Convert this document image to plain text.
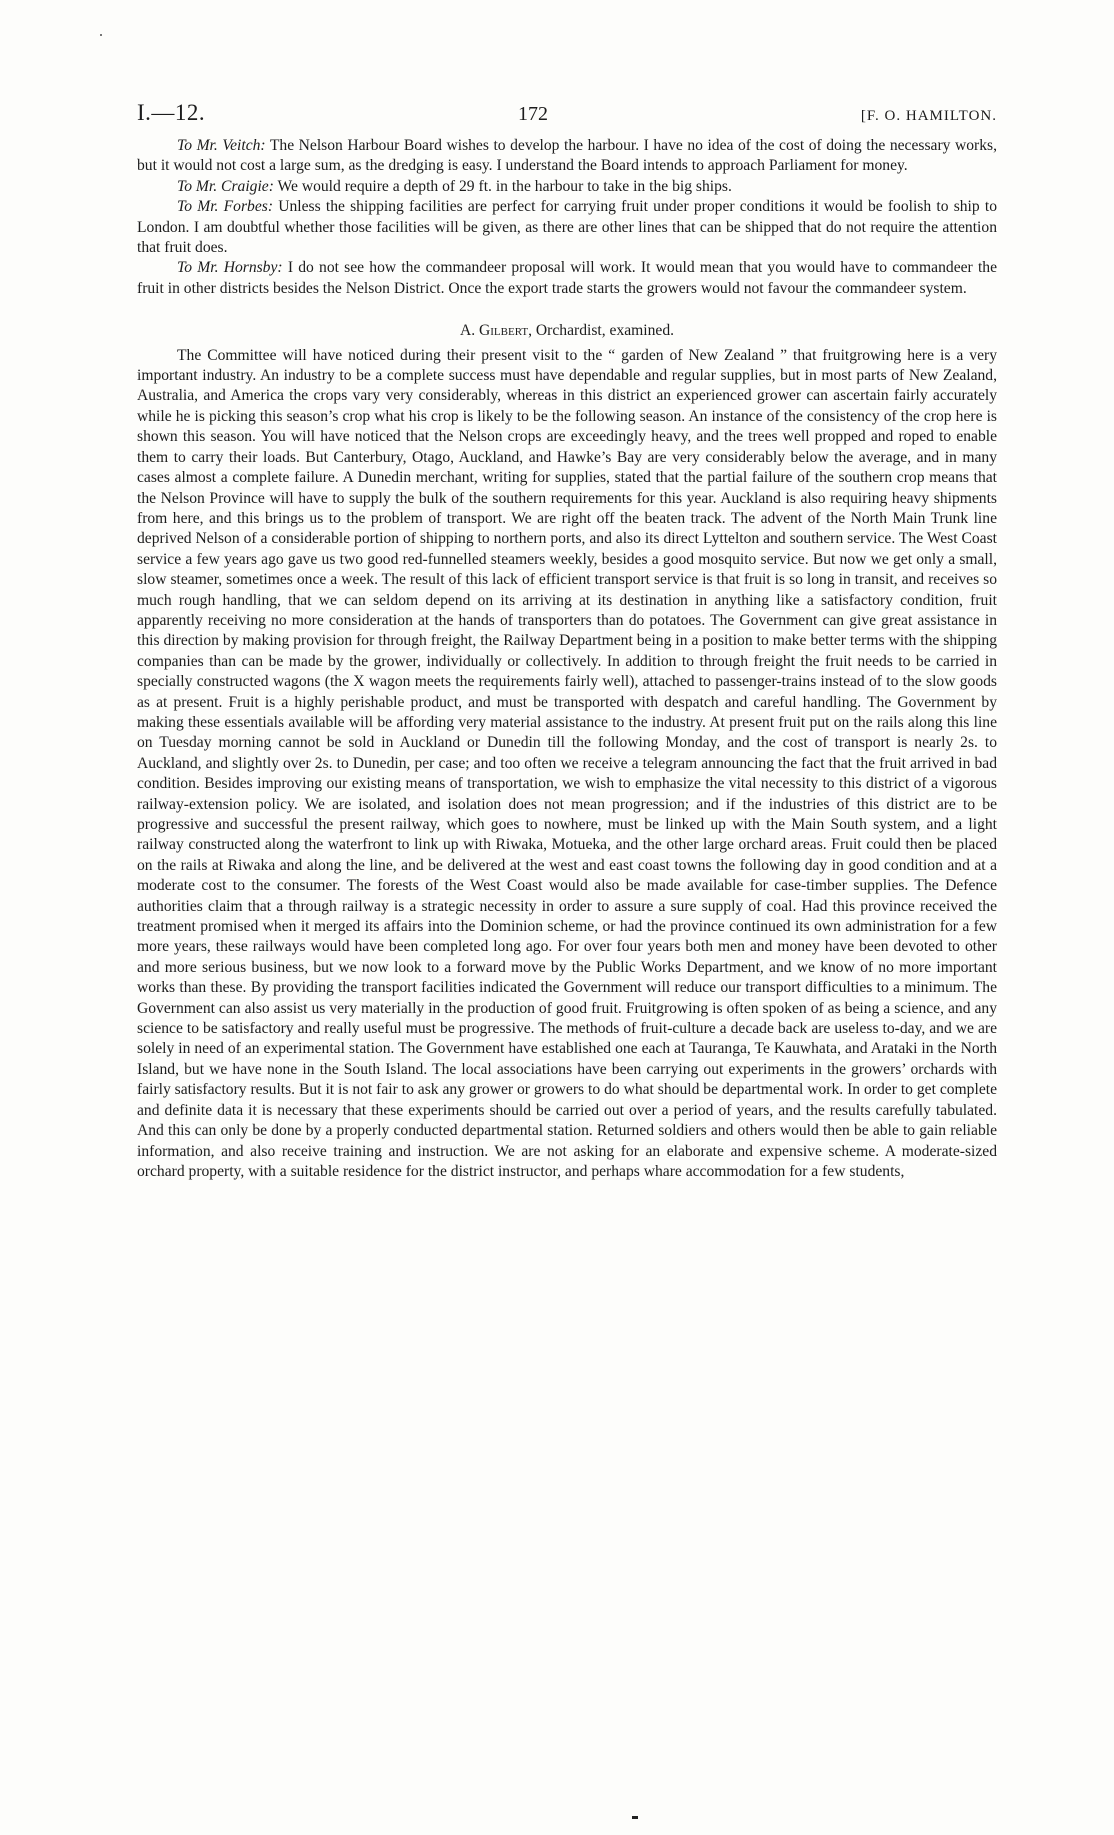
I.—12.	172	[F. O. HAMILTON.

To Mr. Veitch: The Nelson Harbour Board wishes to develop the harbour. I have no idea of the cost of doing the necessary works, but it would not cost a large sum, as the dredging is easy. I understand the Board intends to approach Parliament for money.

To Mr. Craigie: We would require a depth of 29 ft. in the harbour to take in the big ships.

To Mr. Forbes: Unless the shipping facilities are perfect for carrying fruit under proper conditions it would be foolish to ship to London. I am doubtful whether those facilities will be given, as there are other lines that can be shipped that do not require the attention that fruit does.

To Mr. Hornsby: I do not see how the commandeer proposal will work. It would mean that you would have to commandeer the fruit in other districts besides the Nelson District. Once the export trade starts the growers would not favour the commandeer system.

A. Gilbert, Orchardist, examined.

The Committee will have noticed during their present visit to the “ garden of New Zealand ” that fruitgrowing here is a very important industry. An industry to be a complete success must have dependable and regular supplies, but in most parts of New Zealand, Australia, and America the crops vary very considerably, whereas in this district an experienced grower can ascertain fairly accurately while he is picking this season’s crop what his crop is likely to be the following season. An instance of the consistency of the crop here is shown this season. You will have noticed that the Nelson crops are exceedingly heavy, and the trees well propped and roped to enable them to carry their loads. But Canterbury, Otago, Auckland, and Hawke’s Bay are very considerably below the average, and in many cases almost a complete failure. A Dunedin merchant, writing for supplies, stated that the partial failure of the southern crop means that the Nelson Province will have to supply the bulk of the southern requirements for this year. Auckland is also requiring heavy shipments from here, and this brings us to the problem of transport. We are right off the beaten track. The advent of the North Main Trunk line deprived Nelson of a considerable portion of shipping to northern ports, and also its direct Lyttelton and southern service. The West Coast service a few years ago gave us two good red-funnelled steamers weekly, besides a good mosquito service. But now we get only a small, slow steamer, sometimes once a week. The result of this lack of efficient transport service is that fruit is so long in transit, and receives so much rough handling, that we can seldom depend on its arriving at its destination in anything like a satisfactory condition, fruit apparently receiving no more consideration at the hands of transporters than do potatoes. The Government can give great assistance in this direction by making provision for through freight, the Railway Department being in a position to make better terms with the shipping companies than can be made by the grower, individually or collectively. In addition to through freight the fruit needs to be carried in specially constructed wagons (the X wagon meets the requirements fairly well), attached to passenger-trains instead of to the slow goods as at present. Fruit is a highly perishable product, and must be transported with despatch and careful handling. The Government by making these essentials available will be affording very material assistance to the industry. At present fruit put on the rails along this line on Tuesday morning cannot be sold in Auckland or Dunedin till the following Monday, and the cost of transport is nearly 2s. to Auckland, and slightly over 2s. to Dunedin, per case; and too often we receive a telegram announcing the fact that the fruit arrived in bad condition. Besides improving our existing means of transportation, we wish to emphasize the vital necessity to this district of a vigorous railway-extension policy. We are isolated, and isolation does not mean progression; and if the industries of this district are to be progressive and successful the present railway, which goes to nowhere, must be linked up with the Main South system, and a light railway constructed along the waterfront to link up with Riwaka, Motueka, and the other large orchard areas. Fruit could then be placed on the rails at Riwaka and along the line, and be delivered at the west and east coast towns the following day in good condition and at a moderate cost to the consumer. The forests of the West Coast would also be made available for case-timber supplies. The Defence authorities claim that a through railway is a strategic necessity in order to assure a sure supply of coal. Had this province received the treatment promised when it merged its affairs into the Dominion scheme, or had the province continued its own administration for a few more years, these railways would have been completed long ago. For over four years both men and money have been devoted to other and more serious business, but we now look to a forward move by the Public Works Department, and we know of no more important works than these. By providing the transport facilities indicated the Government will reduce our transport difficulties to a minimum. The Government can also assist us very materially in the production of good fruit. Fruitgrowing is often spoken of as being a science, and any science to be satisfactory and really useful must be progressive. The methods of fruit-culture a decade back are useless to-day, and we are solely in need of an experimental station. The Government have established one each at Tauranga, Te Kauwhata, and Arataki in the North Island, but we have none in the South Island. The local associations have been carrying out experiments in the growers’ orchards with fairly satisfactory results. But it is not fair to ask any grower or growers to do what should be departmental work. In order to get complete and definite data it is necessary that these experiments should be carried out over a period of years, and the results carefully tabulated. And this can only be done by a properly conducted departmental station. Returned soldiers and others would then be able to gain reliable information, and also receive training and instruction. We are not asking for an elaborate and expensive scheme. A moderate-sized orchard property, with a suitable residence for the district instructor, and perhaps whare accommodation for a few students,
